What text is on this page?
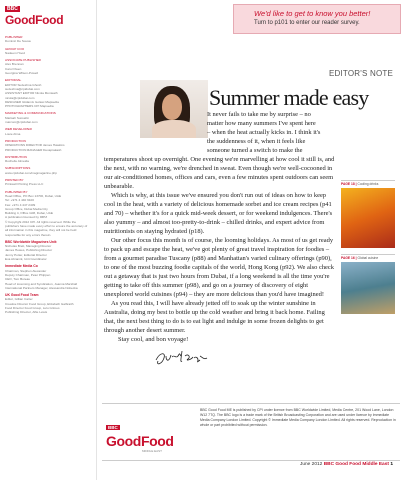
BBC
GoodFood
PUBLISHER
Dominic De Sousa
GROUP COO
Nadeem Hood
ASSOCIATE PUBLISHER
Alex Brennan
Carol Owen
Georgina Wilson-Powell
EDITORIAL
EDITOR Sudeshna Ghosh
sudeshna@cpidubai.com
ASSISTANT EDITOR Nicola Monteath
nicola@cpidubai.com
DESIGNER Glidamix Isolasc Mapsedia
PHOTOGRAPHERS CPI Mapsedia
MARKETING & COMMUNICATIONS
Marisah Sumairin
marcom@cpidubai.com
WEB DEVELOPER
Louie Alma
PRODUCTION
OPERATIONS DIRECTOR James Hawkins
PRODUCTION MANAGER Devaprakash
DISTRIBUTION
Rochelle Almeida
SUBSCRIPTIONS
www.cpidubai.com/magmagazine.php
PRINTED BY
Printwell Printing Press LLC
PUBLISHED BY
Head Office, PO Box 13700, Dubai, UAE
Tel: +971 4 440 9100
Fax: +971 4 447 2409
Group Office, Dubai Media City
Building 4, Office G08, Dubai, UAE
A publication licensed by IMPZ
© Copyright 2012 CPI. All rights reserved. While the publishers have made every effort to ensure the accuracy of all information in this magazine, they will not be held responsible for any errors therein.
BBC Worldwide Magazines Unit:
Nicholas Brett, Managing Director
James Hewes, Publishing Director
Jenny Potter, Editorial Director
Eva Abramik, Unit Coordinator
Immediate Media Co
Chairman, Stephen Alexander
Deputy Chairman, Peter Phippen
CEO, Tom Bureau
Head of Licensing and Syndication, Joanna Marshall
International Partners Manager, Alessandra Nobecka
UK Good Food Team
Editor, Gillian Carter
Creative Director Food Group, Elizabeth Galbraith
Food Director Food Group, Lulu Grimes
Publishing Director, Alfie Lewis
We'd like to get to know you better!
Turn to p101 to enter our reader survey.
EDITOR'S NOTE
Summer made easy

It never fails to take me by surprise – no

matter how many summers I've spent here

– when the heat actually kicks in. I think it's

the suddenness of it, when it feels like

someone turned a switch to make the

temperatures shoot up overnight. One evening we're marvelling at how cool it still is, and the next, with no warning, we're drenched in sweat. Even though we're well-cocooned in our air-conditioned homes, offices and cars, even a few minutes spent outdoors can seem unbearable.

Which is why, at this issue we've ensured you don't run out of ideas on how to keep cool in the heat, with a variety of delicious homemade sorbet and ice cream recipes (p41 and 70) – whether it's for a quick mid-week dessert, or for weekend indulgences. There's also yummy – and almost too-pretty-to-drink – chilled drinks, and expert advice from nutritionists on staying hydrated (p18).

Our other focus this month is of course, the looming holidays. As most of us get ready to pack up and escape the heat, we've got plenty of great travel inspiration for foodies – from a gourmet paradise Tuscany (p88) and Manhattan's varied culinary offerings (p90), to one of the most buzzing foodie capitals of the world, Hong Kong (p92). We also check out a getaway that is just two hours from Dubai, if a long weekend is all the time you're getting to take off this summer (p98), and go on a journey of discovery of eight unexplored world cuisines (p94) – they are more delicious than you'd have imagined!

As you read this, I will have already jetted off to soak up the winter sunshine in Australia, doing my best to bottle up the cold weather and bring it back home. Failing that, the next best thing to do is to eat light and indulge in some frozen delights to get through another desert summer.

Stay cool, and bon voyage!

PAGE 18 | Cooling drinks
PAGE 16 | Global cuisine
BBC
GoodFood
MIDDLE EAST
BBC Good Food ME is published by CPI under licence from BBC Worldwide Limited, Media Centre, 201 Wood Lane, London W12 7TQ. The BBC logo is a trade mark of the British Broadcasting Corporation and are used under licence by Immediate Media Company London Limited. Copyright © Immediate Media Company London Limited. All rights reserved. Reproduction in whole or part prohibited without permission.
June 2012 BBC Good Food Middle East 1
